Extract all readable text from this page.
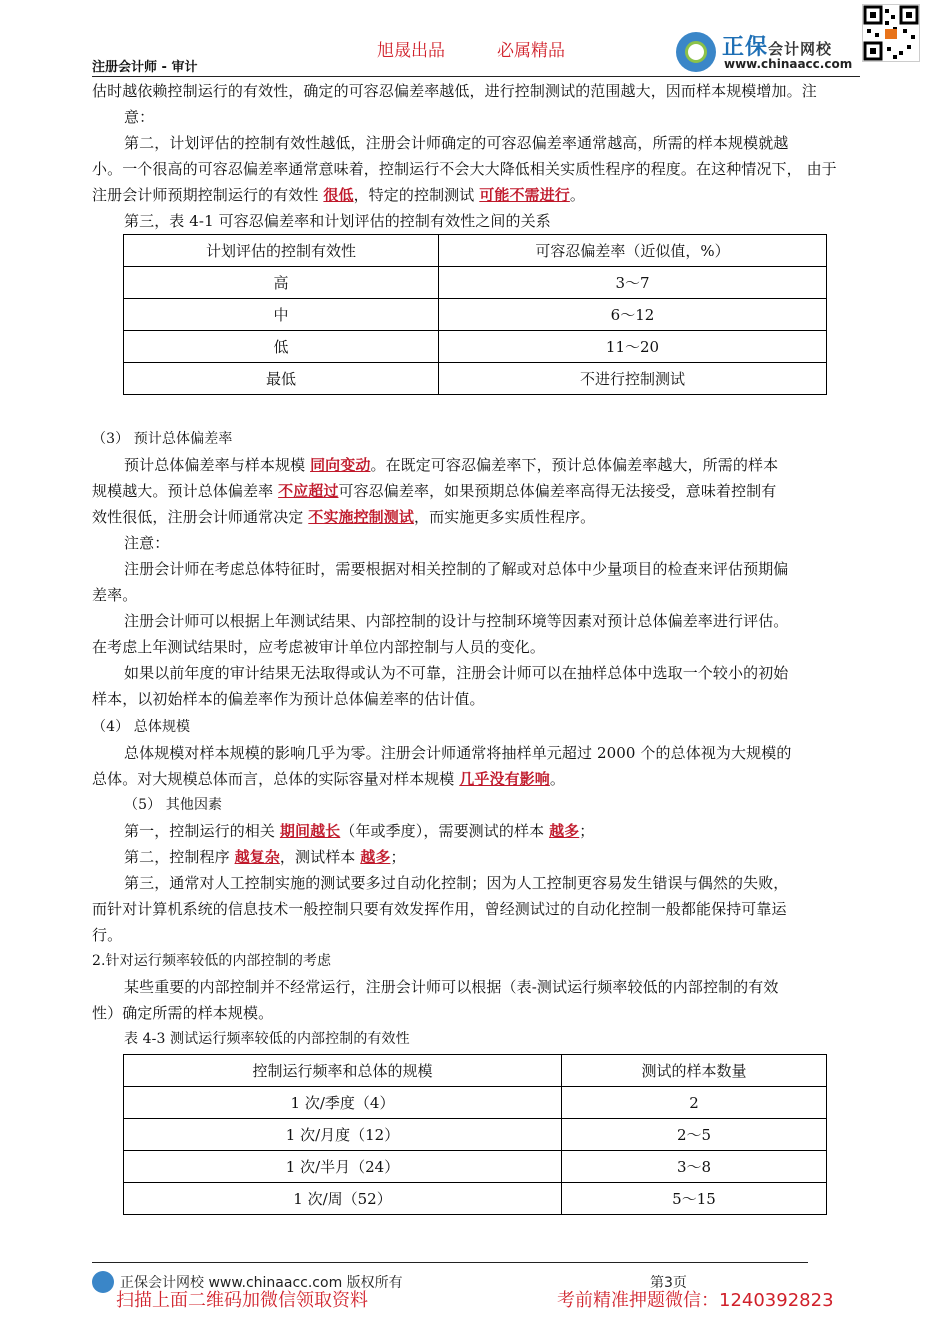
旭晟出品	必属精品
注册会计师 - 审计
正保会计网校
www.chinaacc.com
估时越依赖控制运行的有效性，确定的可容忍偏差率越低，进行控制测试的范围越大，因而样本规模增加。注
意：
第二，计划评估的控制有效性越低，注册会计师确定的可容忍偏差率通常越高，所需的样本规模就越
小。一个很高的可容忍偏差率通常意味着，控制运行不会大大降低相关实质性程序的程度。在这种情况下， 由于
注册会计师预期控制运行的有效性 很低，特定的控制测试 可能不需进行。
第三，表 4-1 可容忍偏差率和计划评估的控制有效性之间的关系
计划评估的控制有效性	可容忍偏差率（近似值，%）
高	3～7
中	6～12
低	11～20
最低	不进行控制测试
（3） 预计总体偏差率
预计总体偏差率与样本规模 同向变动。在既定可容忍偏差率下，预计总体偏差率越大，所需的样本
规模越大。预计总体偏差率 不应超过可容忍偏差率，如果预期总体偏差率高得无法接受，意味着控制有
效性很低，注册会计师通常决定 不实施控制测试，而实施更多实质性程序。
注意：
注册会计师在考虑总体特征时，需要根据对相关控制的了解或对总体中少量项目的检查来评估预期偏
差率。
注册会计师可以根据上年测试结果、内部控制的设计与控制环境等因素对预计总体偏差率进行评估。
在考虑上年测试结果时，应考虑被审计单位内部控制与人员的变化。
如果以前年度的审计结果无法取得或认为不可靠，注册会计师可以在抽样总体中选取一个较小的初始
样本，以初始样本的偏差率作为预计总体偏差率的估计值。
（4） 总体规模
总体规模对样本规模的影响几乎为零。注册会计师通常将抽样单元超过 2000 个的总体视为大规模的
总体。对大规模总体而言，总体的实际容量对样本规模 几乎没有影响。
（5） 其他因素
第一，控制运行的相关 期间越长（年或季度），需要测试的样本 越多；
第二，控制程序 越复杂，测试样本 越多；
第三，通常对人工控制实施的测试要多过自动化控制；因为人工控制更容易发生错误与偶然的失败，
而针对计算机系统的信息技术一般控制只要有效发挥作用，曾经测试过的自动化控制一般都能保持可靠运
行。
2.针对运行频率较低的内部控制的考虑
某些重要的内部控制并不经常运行，注册会计师可以根据（表-测试运行频率较低的内部控制的有效
性）确定所需的样本规模。
表 4-3 测试运行频率较低的内部控制的有效性
控制运行频率和总体的规模	测试的样本数量
1 次/季度（4）	2
1 次/月度（12）	2～5
1 次/半月（24）	3～8
1 次/周（52）	5～15
正保会计网校 www.chinaacc.com 版权所有	第3页
扫描上面二维码加微信领取资料	考前精准押题微信：1240392823
